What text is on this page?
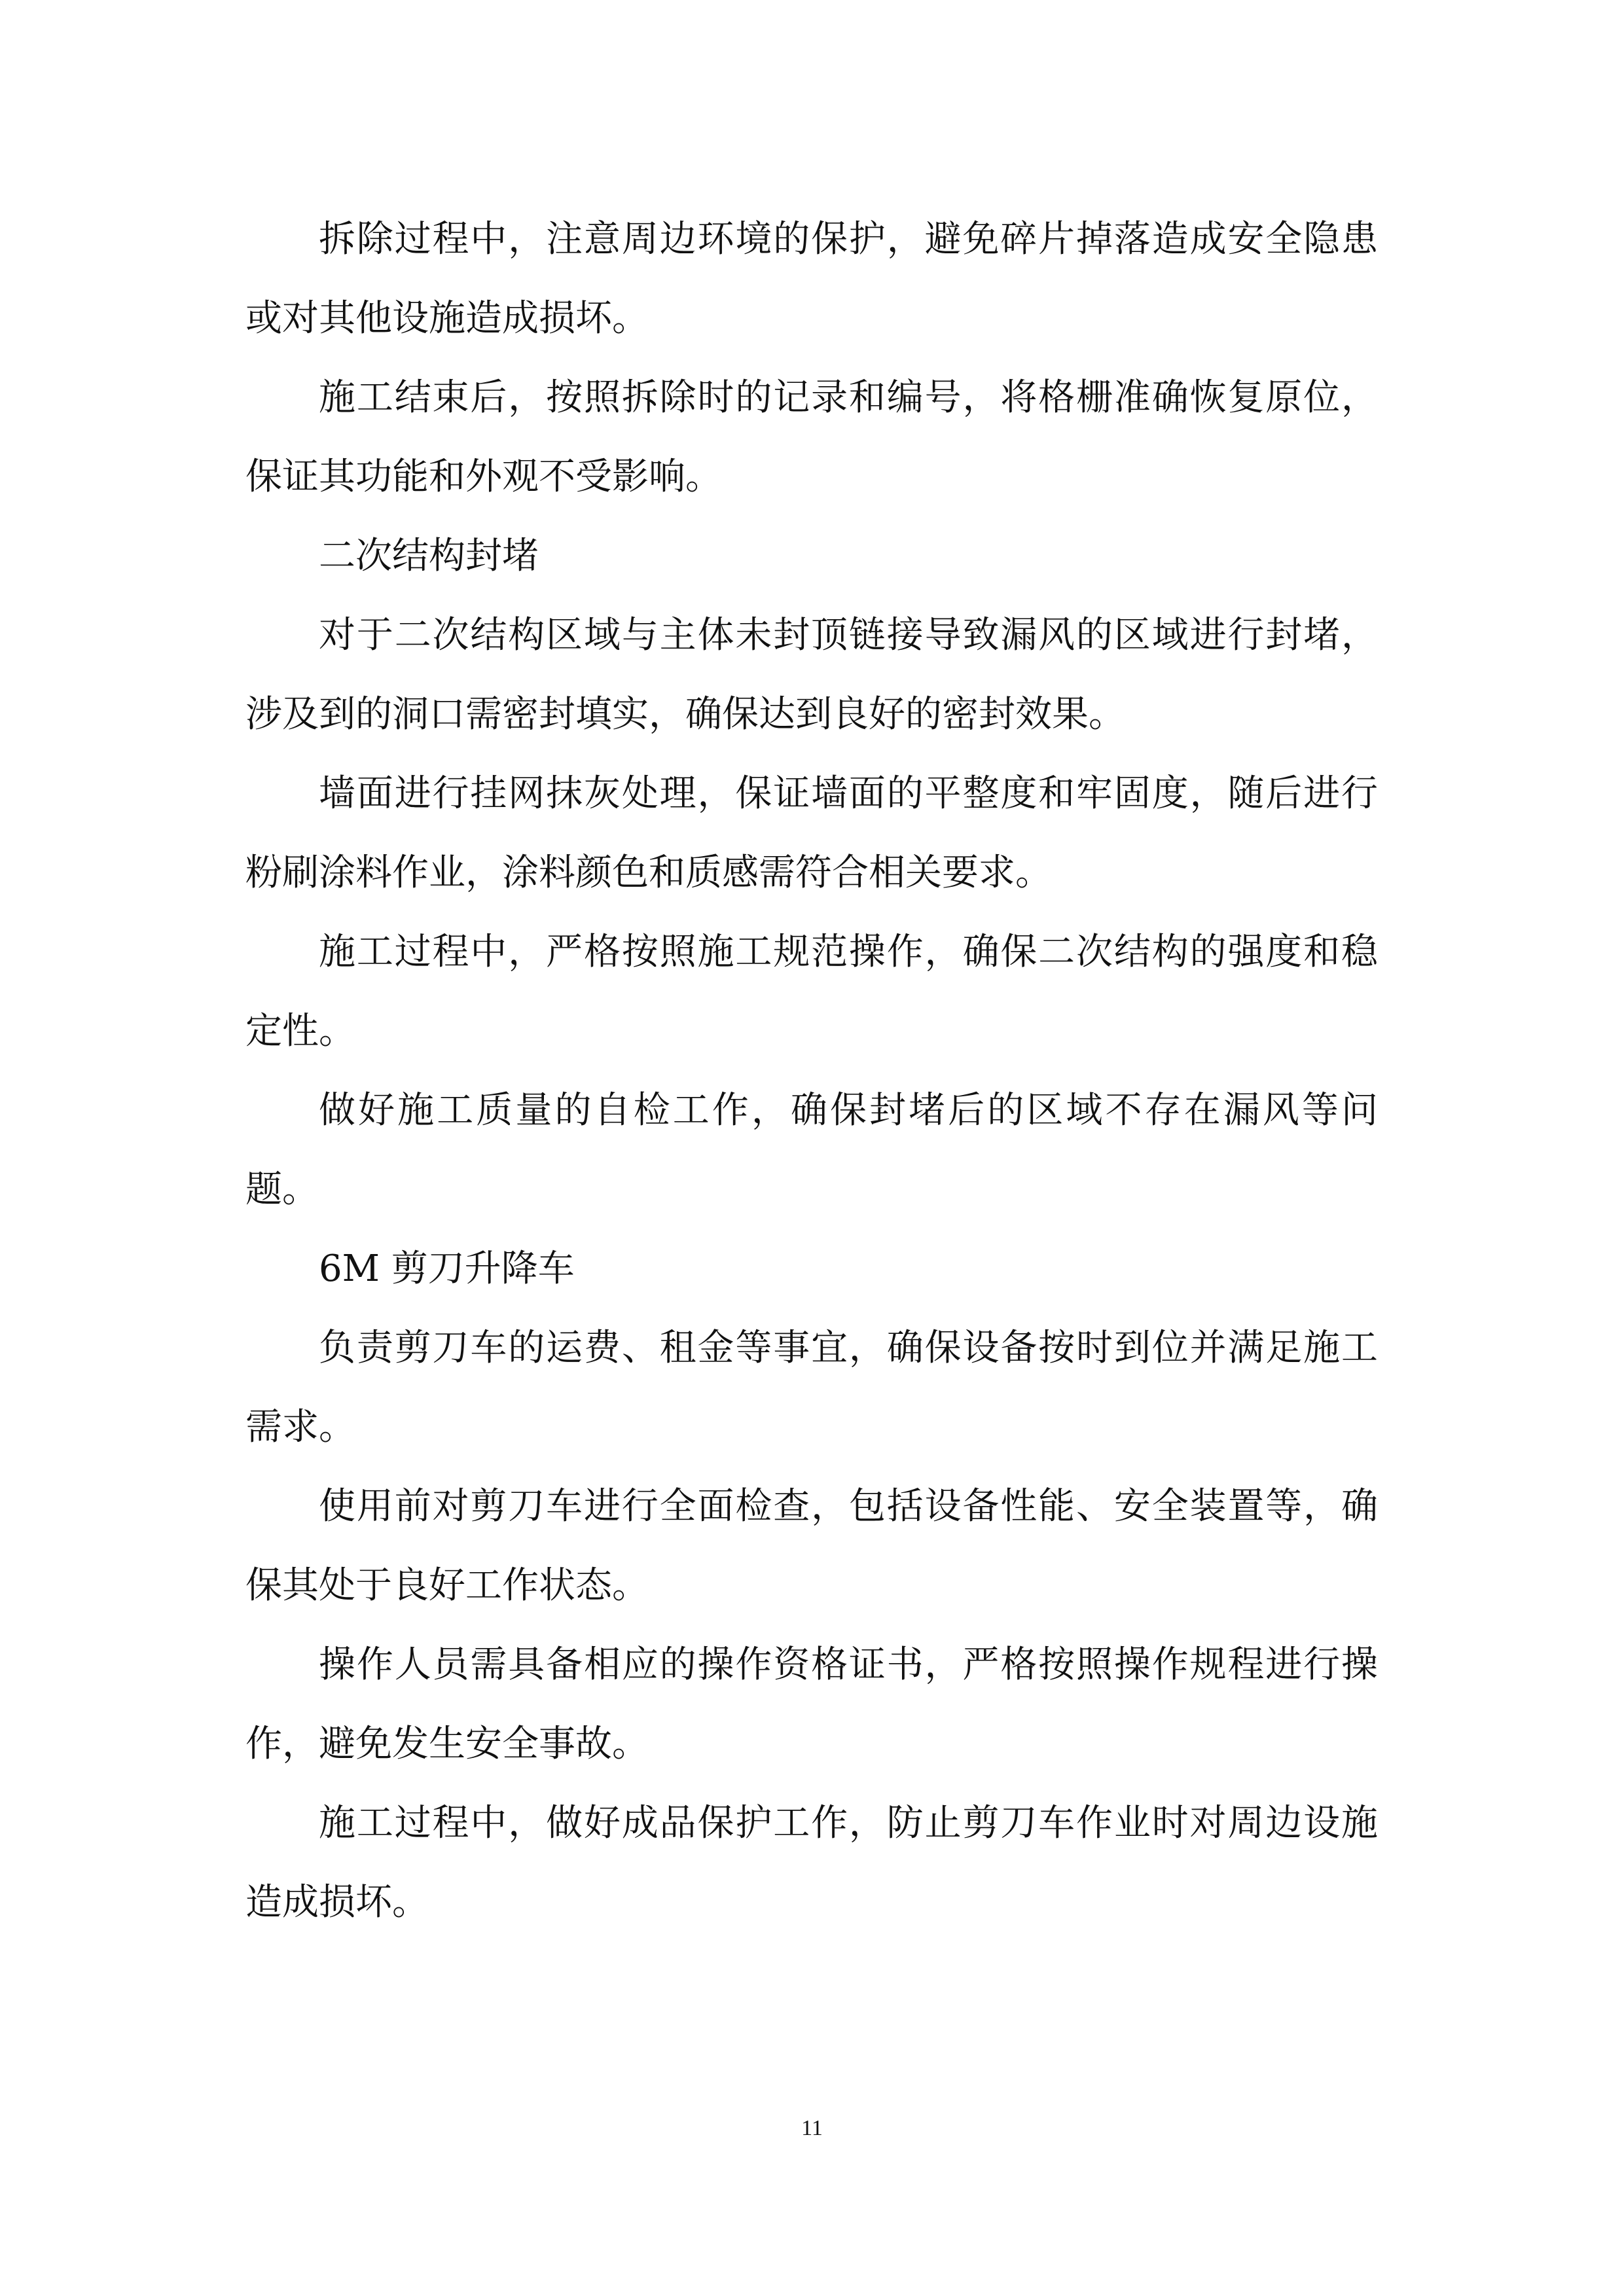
拆除过程中，注意周边环境的保护，避免碎片掉落造成安全隐患或对其他设施造成损坏。

施工结束后，按照拆除时的记录和编号，将格栅准确恢复原位，保证其功能和外观不受影响。

二次结构封堵

对于二次结构区域与主体未封顶链接导致漏风的区域进行封堵，涉及到的洞口需密封填实，确保达到良好的密封效果。

墙面进行挂网抹灰处理，保证墙面的平整度和牢固度，随后进行粉刷涂料作业，涂料颜色和质感需符合相关要求。

施工过程中，严格按照施工规范操作，确保二次结构的强度和稳定性。

做好施工质量的自检工作，确保封堵后的区域不存在漏风等问题。

6M 剪刀升降车

负责剪刀车的运费、租金等事宜，确保设备按时到位并满足施工需求。

使用前对剪刀车进行全面检查，包括设备性能、安全装置等，确保其处于良好工作状态。

操作人员需具备相应的操作资格证书，严格按照操作规程进行操作，避免发生安全事故。

施工过程中，做好成品保护工作，防止剪刀车作业时对周边设施造成损坏。

11
